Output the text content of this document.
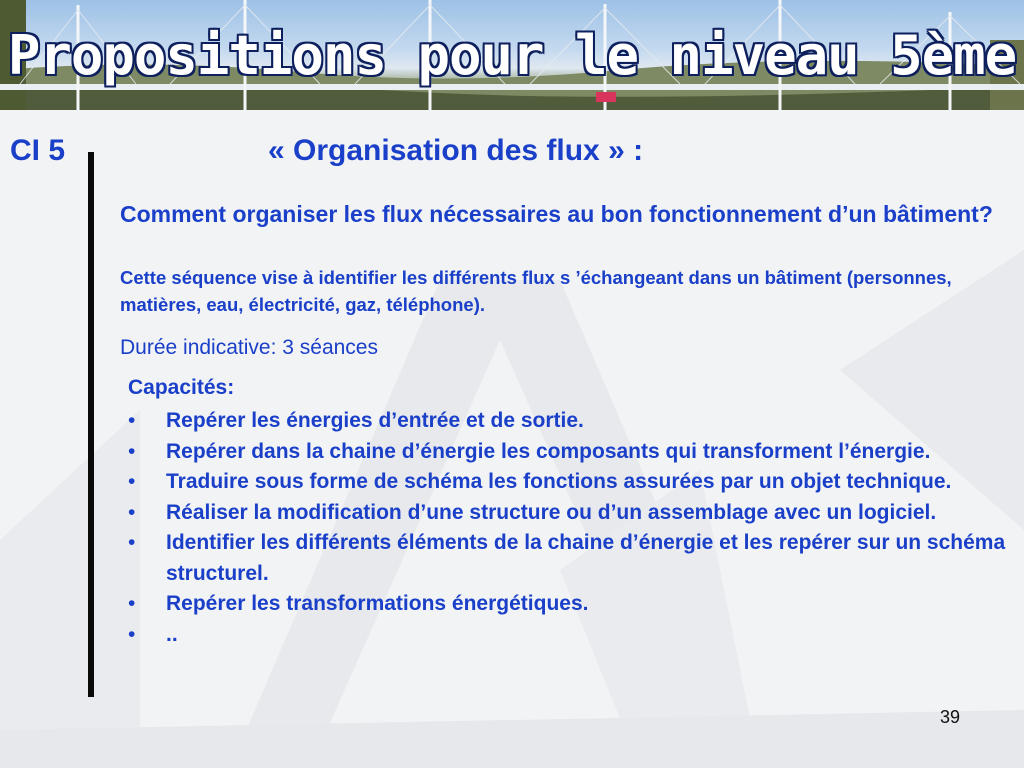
Propositions pour le niveau 5ème
CI 5	« Organisation des flux » :
Comment organiser les flux nécessaires au bon fonctionnement d’un bâtiment?
Cette séquence vise à identifier les différents flux s ’échangeant dans un bâtiment (personnes, matières, eau, électricité, gaz, téléphone).
Durée indicative: 3 séances
Capacités:
• Repérer les énergies d’entrée et de sortie.
• Repérer dans la chaine d’énergie les composants qui transforment l’énergie.
• Traduire sous forme de schéma les fonctions assurées par un objet technique.
• Réaliser la modification d’une structure ou d’un assemblage avec un logiciel.
• Identifier les différents éléments de la chaine d’énergie et les repérer sur un schéma structurel.
• Repérer les transformations énergétiques.
• ..
39
